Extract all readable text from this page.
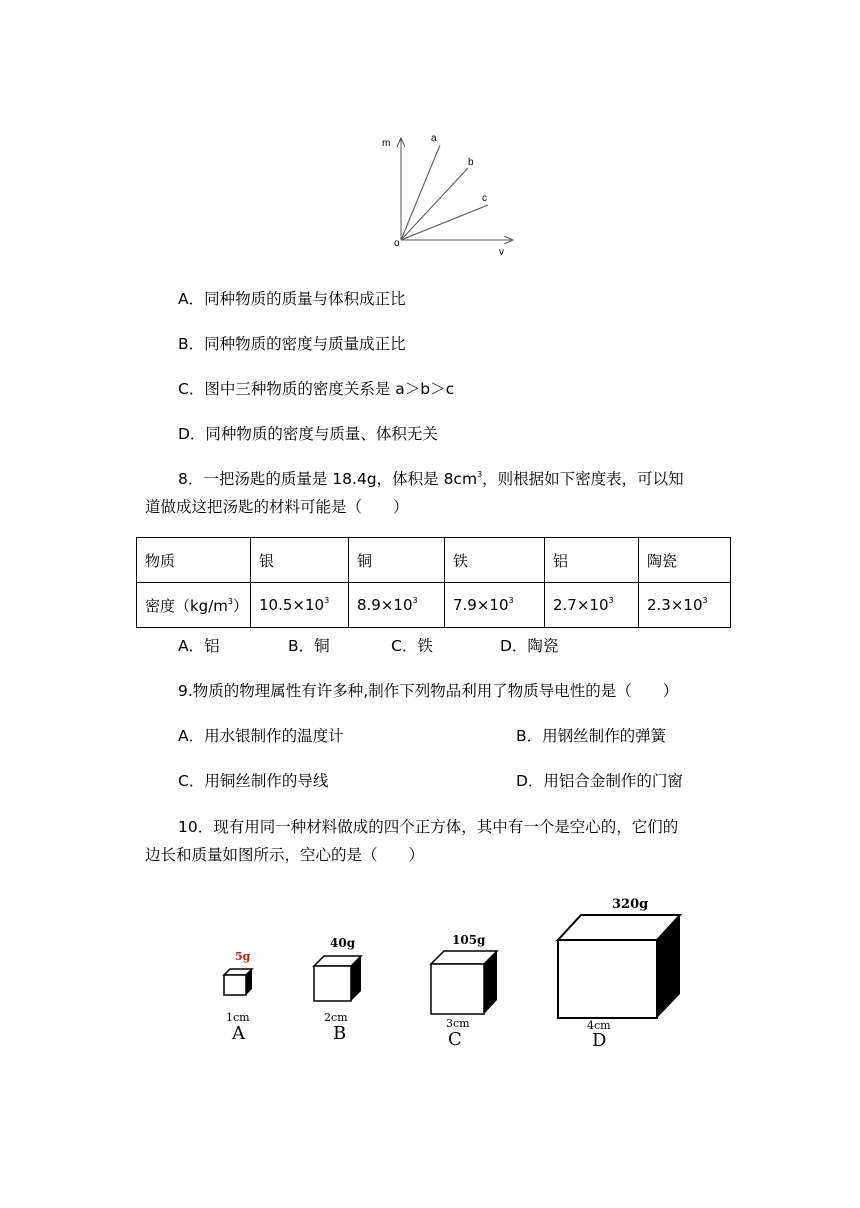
m
v
o
a
b
c
A．同种物质的质量与体积成正比
B．同种物质的密度与质量成正比
C．图中三种物质的密度关系是 a＞b＞c
D．同种物质的密度与质量、体积无关
8．一把汤匙的质量是 18.4g，体积是 $8cm^3$，则根据如下密度表，可以知
道做成这把汤匙的材料可能是（　　）
物质	银	铜	铁	铝	陶瓷
密度$(kg/m^3)$	$10.5\times 10^3$	$8.9\times 10^3$	$7.9\times 10^3$	$2.7\times 10^3$	$2.3\times 10^3$
A．铝	B．铜	C．铁	D．陶瓷
9.物质的物理属性有许多种,制作下列物品利用了物质导电性的是（　　）
A．用水银制作的温度计	B．用钢丝制作的弹簧
C．用铜丝制作的导线	D．用铝合金制作的门窗
10．现有用同一种材料做成的四个正方体，其中有一个是空心的，它们的
边长和质量如图所示，空心的是（　　）
5g
1cm
A
40g
2cm
B
105g
3cm
C
320g
4cm
D
